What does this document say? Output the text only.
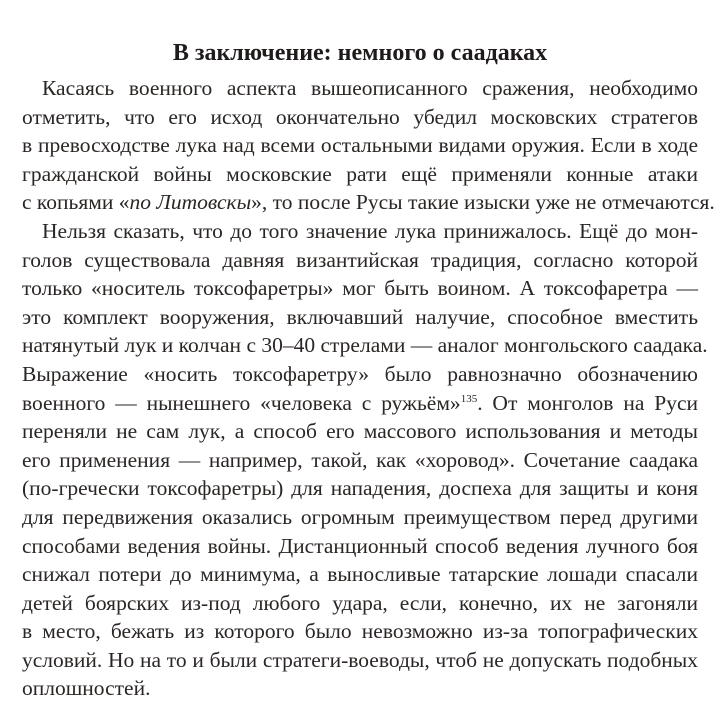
В заключение: немного о саадаках
Касаясь военного аспекта вышеописанного сражения, необходимо
отметить, что его исход окончательно убедил московских стратегов
в превосходстве лука над всеми остальными видами оружия. Если в ходе
гражданской войны московские рати ещё применяли конные атаки
с копьями «по Литовскы», то после Русы такие изыски уже не отмечаются.
Нельзя сказать, что до того значение лука принижалось. Ещё до мон-
голов существовала давняя византийская традиция, согласно которой
только «носитель токсофаретры» мог быть воином. А токсофаретра —
это комплект вооружения, включавший налучие, способное вместить
натянутый лук и колчан с 30–40 стрелами — аналог монгольского саадака.
Выражение «носить токсофаретру» было равнозначно обозначению
военного — нынешнего «человека с ружьём»$^{135}$. От монголов на Руси
переняли не сам лук, а способ его массового использования и методы
его применения — например, такой, как «хоровод». Сочетание саадака
(по-гречески токсофаретры) для нападения, доспеха для защиты и коня
для передвижения оказались огромным преимуществом перед другими
способами ведения войны. Дистанционный способ ведения лучного боя
снижал потери до минимума, а выносливые татарские лошади спасали
детей боярских из-под любого удара, если, конечно, их не загоняли
в место, бежать из которого было невозможно из-за топографических
условий. Но на то и были стратеги-воеводы, чтоб не допускать подобных
оплошностей.
